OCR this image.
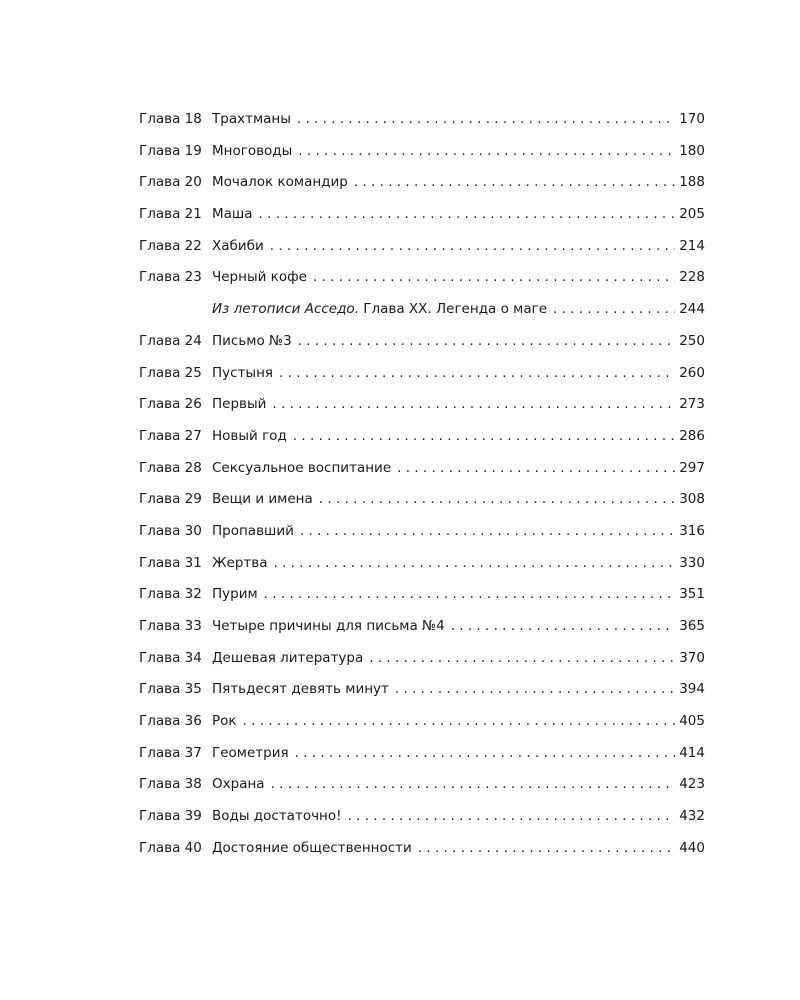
Глава 18 Трахтманы . . .	170
Глава 19 Многоводы . . .	180
Глава 20 Мочалок командир . . .	188
Глава 21 Маша . . .	205
Глава 22 Хабиби . . .	214
Глава 23 Черный кофе . . .	228
Из летописи Аccедо. Глава XX. Легенда о маге . . .	244
Глава 24 Письмо №3 . . .	250
Глава 25 Пустыня . . .	260
Глава 26 Первый . . .	273
Глава 27 Новый год . . .	286
Глава 28 Сексуальное воспитание . . .	297
Глава 29 Вещи и имена . . .	308
Глава 30 Пропавший . . .	316
Глава 31 Жертва . . .	330
Глава 32 Пурим . . .	351
Глава 33 Четыре причины для письма №4 . . .	365
Глава 34 Дешевая литература . . .	370
Глава 35 Пятьдесят девять минут . . .	394
Глава 36 Рок . . .	405
Глава 37 Геометрия . . .	414
Глава 38 Охрана . . .	423
Глава 39 Воды достаточно! . . .	432
Глава 40 Достояние общественности . . .	440
